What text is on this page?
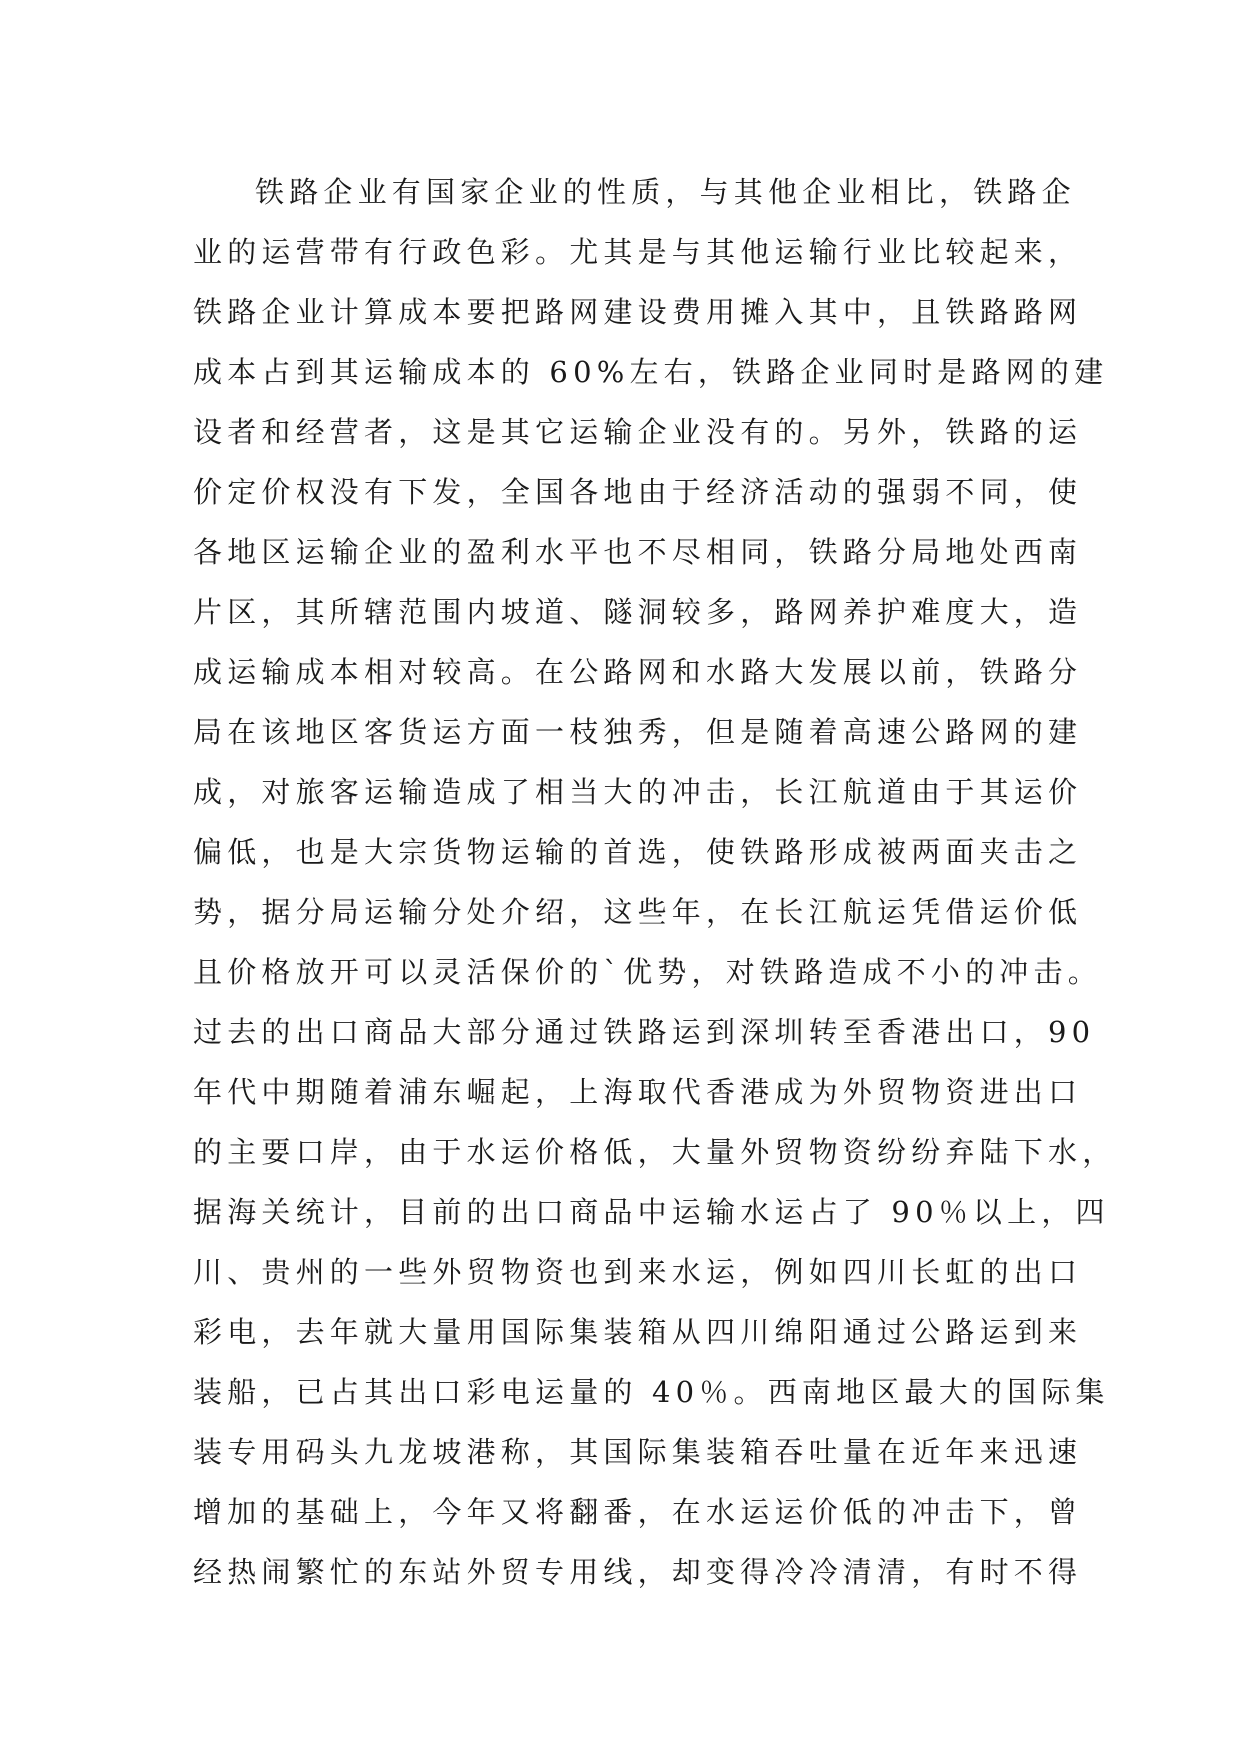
铁路企业有国家企业的性质，与其他企业相比，铁路企
业的运营带有行政色彩。尤其是与其他运输行业比较起来，
铁路企业计算成本要把路网建设费用摊入其中，且铁路路网
成本占到其运输成本的 60%左右，铁路企业同时是路网的建
设者和经营者，这是其它运输企业没有的。另外，铁路的运
价定价权没有下发，全国各地由于经济活动的强弱不同，使
各地区运输企业的盈利水平也不尽相同，铁路分局地处西南
片区，其所辖范围内坡道、隧洞较多，路网养护难度大，造
成运输成本相对较高。在公路网和水路大发展以前，铁路分
局在该地区客货运方面一枝独秀，但是随着高速公路网的建
成，对旅客运输造成了相当大的冲击，长江航道由于其运价
偏低，也是大宗货物运输的首选，使铁路形成被两面夹击之
势，据分局运输分处介绍，这些年，在长江航运凭借运价低
且价格放开可以灵活保价的`优势，对铁路造成不小的冲击。
过去的出口商品大部分通过铁路运到深圳转至香港出口，90
年代中期随着浦东崛起，上海取代香港成为外贸物资进出口
的主要口岸，由于水运价格低，大量外贸物资纷纷弃陆下水，
据海关统计，目前的出口商品中运输水运占了 90％以上，四
川、贵州的一些外贸物资也到来水运，例如四川长虹的出口
彩电，去年就大量用国际集装箱从四川绵阳通过公路运到来
装船，已占其出口彩电运量的 40％。西南地区最大的国际集
装专用码头九龙坡港称，其国际集装箱吞吐量在近年来迅速
增加的基础上，今年又将翻番，在水运运价低的冲击下，曾
经热闹繁忙的东站外贸专用线，却变得冷冷清清，有时不得
